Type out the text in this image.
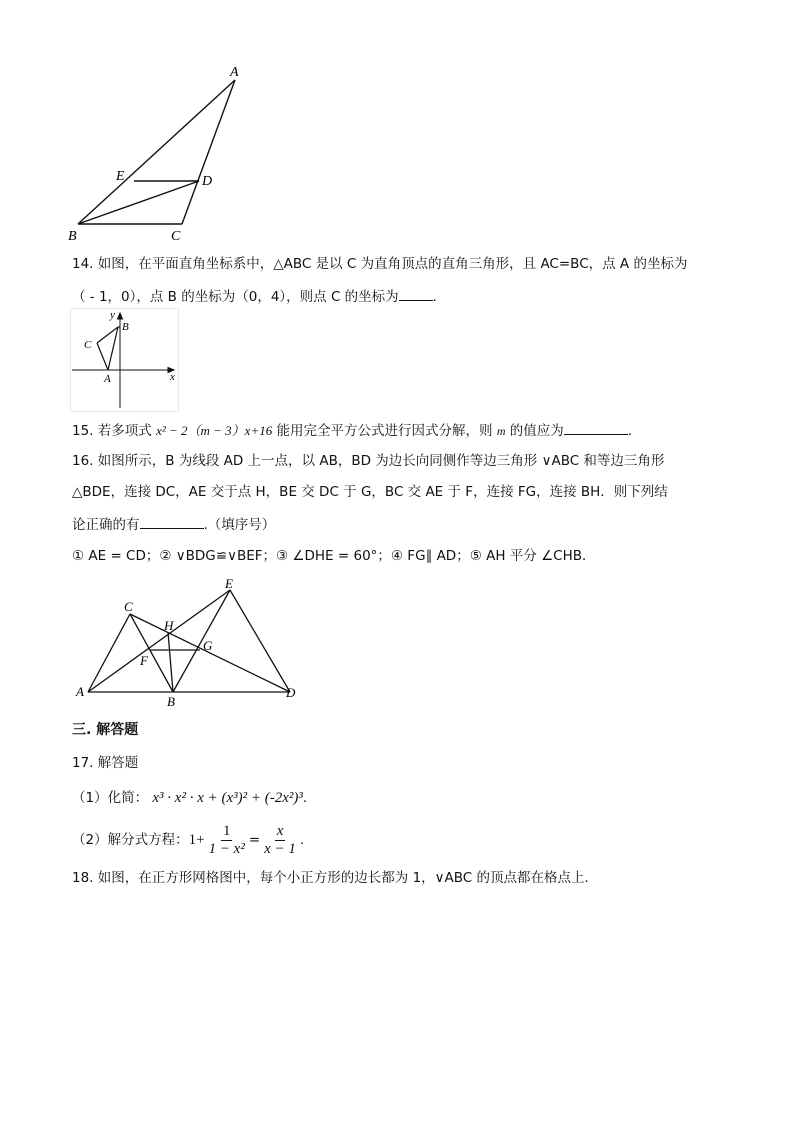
A
E	D
B	C
14. 如图，在平面直角坐标系中，△ABC 是以 C 为直角顶点的直角三角形，且 AC=BC，点 A 的坐标为
（ - 1，0），点 B 的坐标为（0，4），则点 C 的坐标为	.
y
x
B
C
A
15. 若多项式 x² − 2（m − 3）x+16 能用完全平方公式进行因式分解，则 m 的值应为	.
16. 如图所示，B 为线段 AD 上一点，以 AB，BD 为边长向同侧作等边三角形 ∨ABC 和等边三角形
△BDE，连接 DC，AE 交于点 H，BE 交 DC 于 G，BC 交 AE 于 F，连接 FG，连接 BH．则下列结
论正确的有	.（填序号）
① AE = CD；② ∨BDG≌∨BEF；③ ∠DHE = 60°；④ FG∥ AD；⑤ AH 平分 ∠CHB．
C
E
H
G
F
A
B
D
三. 解答题
17. 解答题
（1）化简： x³ · x² · x + (x³)² + (-2x²)³.
（2）解分式方程： $1+ \frac{1}{\text{1 − x²}} = \frac{x}{x - 1}$ .
18. 如图，在正方形网格图中，每个小正方形的边长都为 1，∨ABC 的顶点都在格点上．
